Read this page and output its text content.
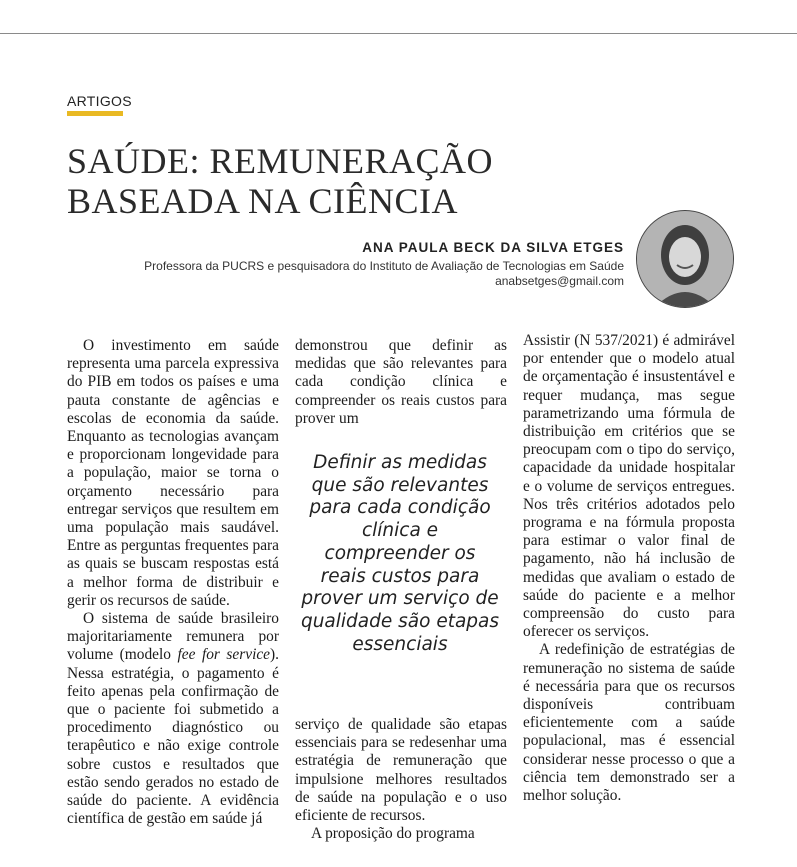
ARTIGOS
SAÚDE: REMUNERAÇÃO
BASEADA NA CIÊNCIA
ANA PAULA BECK DA SILVA ETGES
Professora da PUCRS e pesquisadora do Instituto de Avaliação de Tecnologias em Saúde
anabsetges@gmail.com

O investimento em saúde representa uma parcela expressiva do PIB em todos os países e uma pauta constante de agências e escolas de economia da saúde. Enquanto as tecnologias avançam e proporcionam longevidade para a população, maior se torna o orçamento necessário para entregar serviços que resultem em uma população mais saudável. Entre as perguntas frequentes para as quais se buscam respostas está a melhor forma de distribuir e gerir os recursos de saúde.

O sistema de saúde brasileiro majoritariamente remunera por volume (modelo fee for service). Nessa estratégia, o pagamento é feito apenas pela confirmação de que o paciente foi submetido a procedimento diagnóstico ou terapêutico e não exige controle sobre custos e resultados que estão sendo gerados no estado de saúde do paciente. A evidência científica de gestão em saúde já

demonstrou que definir as medidas que são relevantes para cada condição clínica e compreender os reais custos para prover um

Definir as medidas que são relevantes para cada condição clínica e compreender os reais custos para prover um serviço de qualidade são etapas essenciais

serviço de qualidade são etapas essenciais para se redesenhar uma estratégia de remuneração que impulsione melhores resultados de saúde na população e o uso eficiente de recursos.

A proposição do programa

Assistir (N 537/2021) é admirável por entender que o modelo atual de orçamentação é insustentável e requer mudança, mas segue parametrizando uma fórmula de distribuição em critérios que se preocupam com o tipo do serviço, capacidade da unidade hospitalar e o volume de serviços entregues. Nos três critérios adotados pelo programa e na fórmula proposta para estimar o valor final de pagamento, não há inclusão de medidas que avaliam o estado de saúde do paciente e a melhor compreensão do custo para oferecer os serviços.

A redefinição de estratégias de remuneração no sistema de saúde é necessária para que os recursos disponíveis contribuam eficientemente com a saúde populacional, mas é essencial considerar nesse processo o que a ciência tem demonstrado ser a melhor solução.
